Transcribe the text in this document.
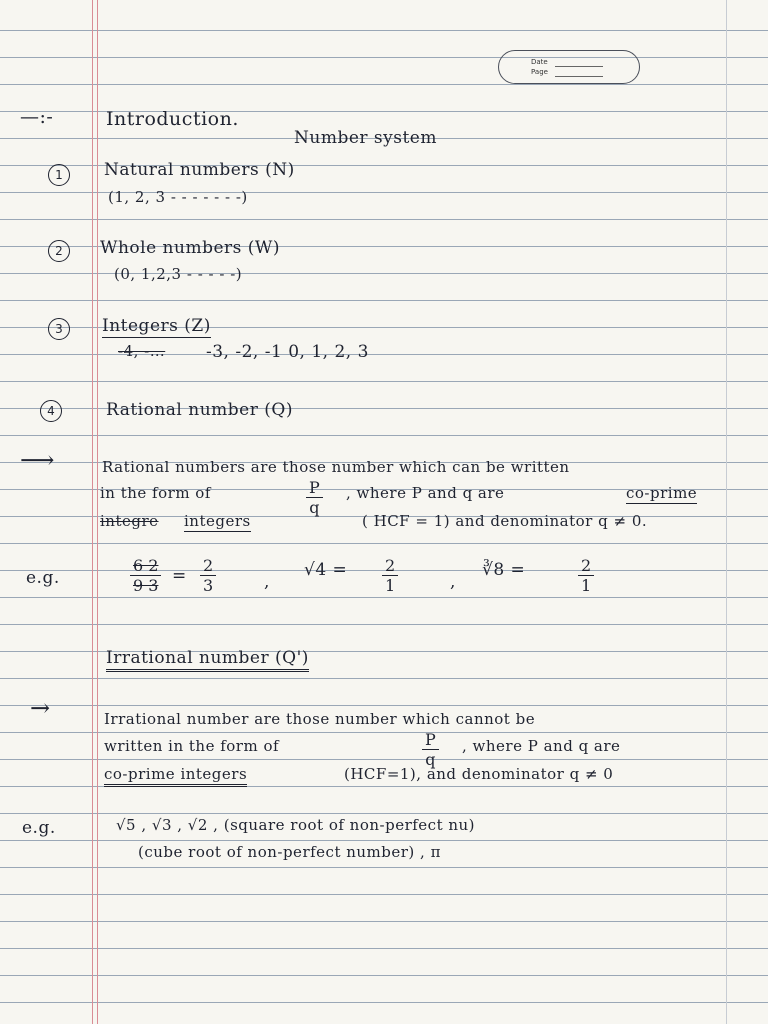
Date
Page
—:-	Introduction.
Number system
1	Natural numbers (N)
(1, 2, 3 - - - - - - -)
2	Whole numbers (W)
(0, 1,2,3 - - - - -)
3	Integers (Z)
-4, -… -3, -2, -1 0, 1, 2, 3
4	Rational number (Q)
⟶	Rational numbers are those number which can be written
in the form of	$\frac{P}{q}$ , where P and q are	co-prime
integre integers	( HCF = 1) and denominator q ≠ 0.
e.g.	$\frac{6 2}{9 3} = \frac{2}{3}$	,
$√4 = \frac{2}{1}$	,
∛8 =	$\frac{2}{1}$
Irrational number (Q')
→	Irrational number are those number which cannot be
written in the form of	$\frac{P}{q}$ , where P and q are
co-prime integers	(HCF=1), and denominator q ≠ 0
e.g.	√5 , √3 , √2 , (square root of non-perfect nu)
(cube root of non-perfect number) , π
